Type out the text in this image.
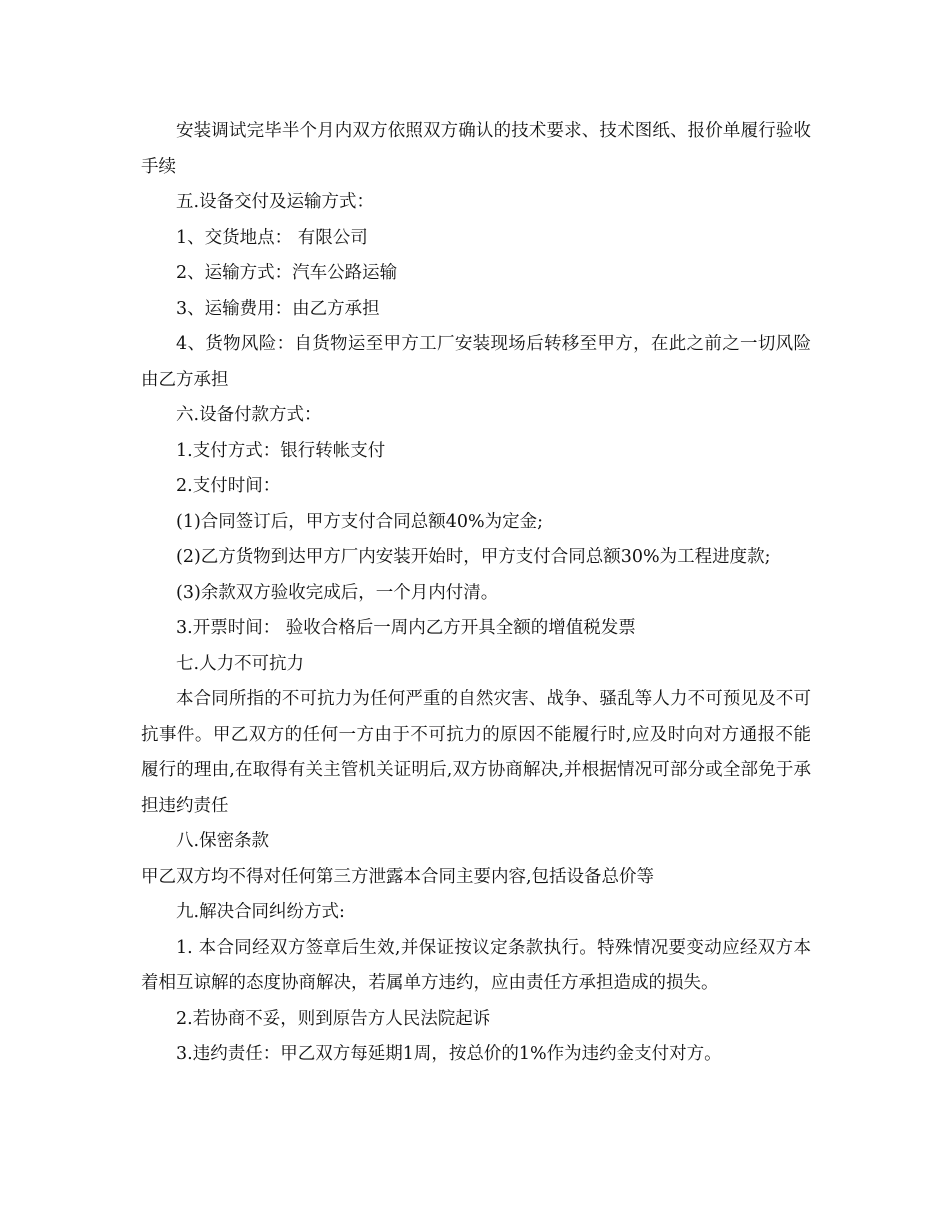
安装调试完毕半个月内双方依照双方确认的技术要求、技术图纸、报价单履行验收手续

五.设备交付及运输方式：

1、交货地点： 有限公司

2、运输方式：汽车公路运输

3、运输费用：由乙方承担

4、货物风险：自货物运至甲方工厂安装现场后转移至甲方，在此之前之一切风险由乙方承担

六.设备付款方式：

1.支付方式：银行转帐支付

2.支付时间：

(1)合同签订后，甲方支付合同总额40%为定金;

(2)乙方货物到达甲方厂内安装开始时，甲方支付合同总额30%为工程进度款;

(3)余款双方验收完成后，一个月内付清。

3.开票时间： 验收合格后一周内乙方开具全额的增值税发票

七.人力不可抗力

本合同所指的不可抗力为任何严重的自然灾害、战争、骚乱等人力不可预见及不可抗事件。甲乙双方的任何一方由于不可抗力的原因不能履行时,应及时向对方通报不能履行的理由,在取得有关主管机关证明后,双方协商解决,并根据情况可部分或全部免于承担违约责任

八.保密条款

甲乙双方均不得对任何第三方泄露本合同主要内容,包括设备总价等

九.解决合同纠纷方式:

1. 本合同经双方签章后生效,并保证按议定条款执行。特殊情况要变动应经双方本着相互谅解的态度协商解决，若属单方违约，应由责任方承担造成的损失。

2.若协商不妥，则到原告方人民法院起诉

3.违约责任：甲乙双方每延期1周，按总价的1%作为违约金支付对方。
